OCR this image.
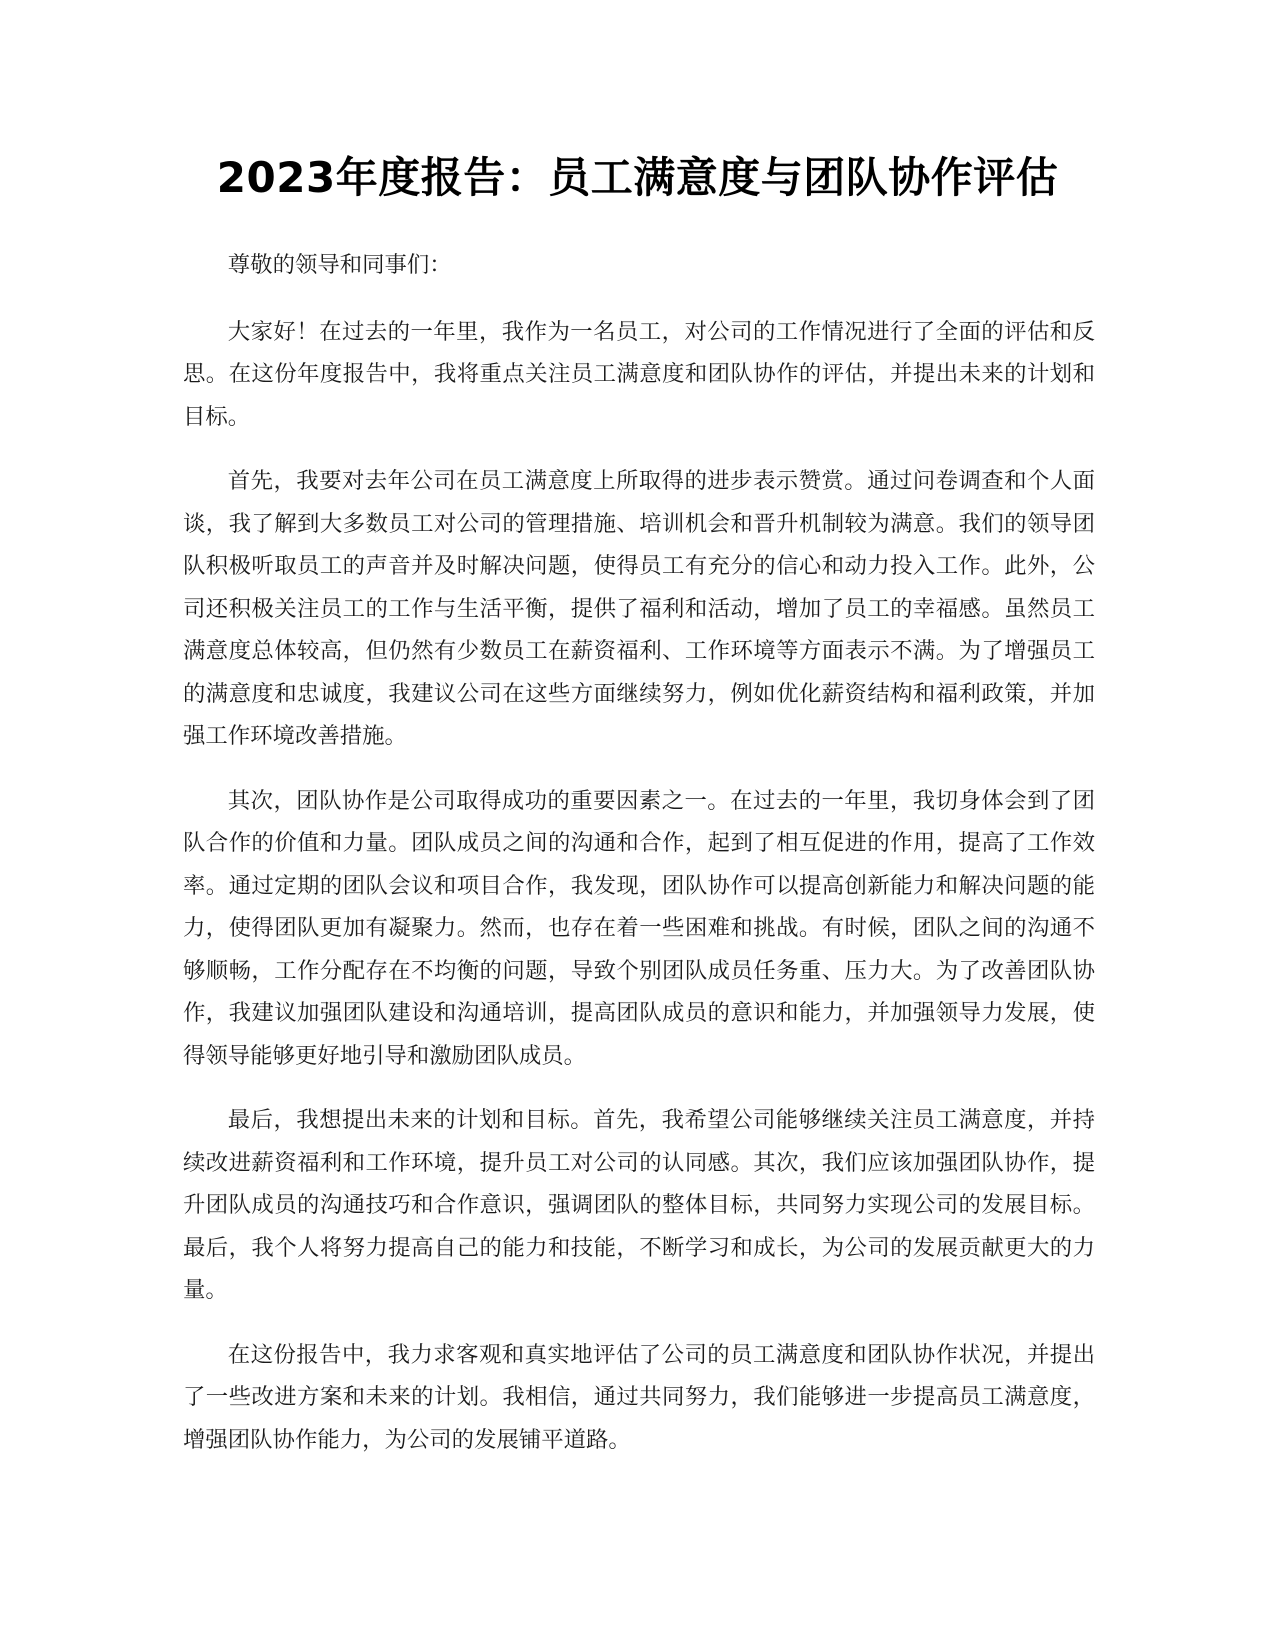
2023年度报告：员工满意度与团队协作评估

尊敬的领导和同事们：

大家好！在过去的一年里，我作为一名员工，对公司的工作情况进行了全面的评估和反思。在这份年度报告中，我将重点关注员工满意度和团队协作的评估，并提出未来的计划和目标。

首先，我要对去年公司在员工满意度上所取得的进步表示赞赏。通过问卷调查和个人面谈，我了解到大多数员工对公司的管理措施、培训机会和晋升机制较为满意。我们的领导团队积极听取员工的声音并及时解决问题，使得员工有充分的信心和动力投入工作。此外，公司还积极关注员工的工作与生活平衡，提供了福利和活动，增加了员工的幸福感。虽然员工满意度总体较高，但仍然有少数员工在薪资福利、工作环境等方面表示不满。为了增强员工的满意度和忠诚度，我建议公司在这些方面继续努力，例如优化薪资结构和福利政策，并加强工作环境改善措施。

其次，团队协作是公司取得成功的重要因素之一。在过去的一年里，我切身体会到了团队合作的价值和力量。团队成员之间的沟通和合作，起到了相互促进的作用，提高了工作效率。通过定期的团队会议和项目合作，我发现，团队协作可以提高创新能力和解决问题的能力，使得团队更加有凝聚力。然而，也存在着一些困难和挑战。有时候，团队之间的沟通不够顺畅，工作分配存在不均衡的问题，导致个别团队成员任务重、压力大。为了改善团队协作，我建议加强团队建设和沟通培训，提高团队成员的意识和能力，并加强领导力发展，使得领导能够更好地引导和激励团队成员。

最后，我想提出未来的计划和目标。首先，我希望公司能够继续关注员工满意度，并持续改进薪资福利和工作环境，提升员工对公司的认同感。其次，我们应该加强团队协作，提升团队成员的沟通技巧和合作意识，强调团队的整体目标，共同努力实现公司的发展目标。最后，我个人将努力提高自己的能力和技能，不断学习和成长，为公司的发展贡献更大的力量。

在这份报告中，我力求客观和真实地评估了公司的员工满意度和团队协作状况，并提出了一些改进方案和未来的计划。我相信，通过共同努力，我们能够进一步提高员工满意度，增强团队协作能力，为公司的发展铺平道路。
